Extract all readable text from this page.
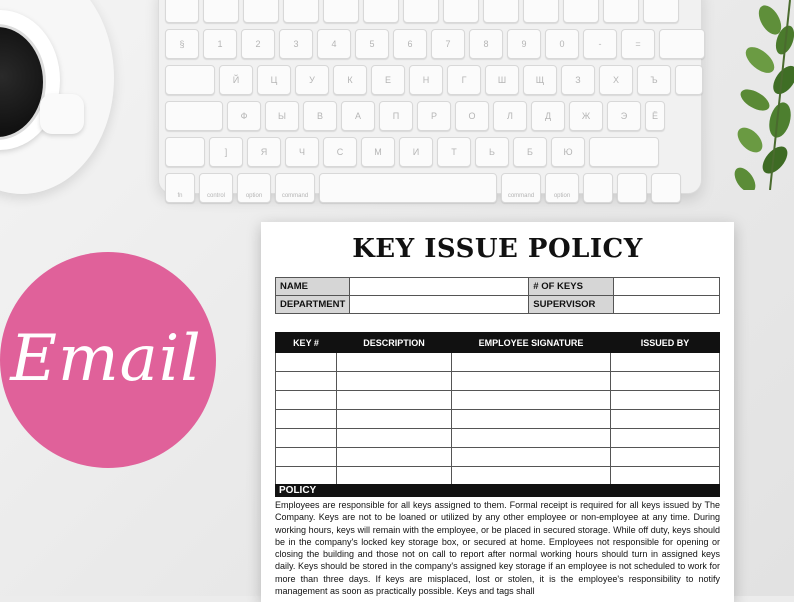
§	1	2	3	4	5	6	7	8	9	0	-	=
Й	Ц	У	К	Е	Н	Г	Ш	Щ	З	Х	Ъ
Ф	Ы	В	А	П	Р	О	Л	Д	Ж	Э	Ё
]	Я	Ч	С	М	И	Т	Ь	Б	Ю
fn	control	option	command	command	option
Email
KEY ISSUE POLICY
NAME		# OF KEYS	
DEPARTMENT		SUPERVISOR	
KEY #	DESCRIPTION	EMPLOYEE SIGNATURE	ISSUED BY

POLICY
Employees are responsible for all keys assigned to them. Formal receipt is required for all keys issued by The Company. Keys are not to be loaned or utilized by any other employee or non-employee at any time. During working hours, keys will remain with the employee, or be placed in secured storage. While off duty, keys should be in the company's locked key storage box, or secured at home. Employees not responsible for opening or closing the building and those not on call to report after normal working hours should turn in assigned keys daily. Keys should be stored in the company's assigned key storage if an employee is not scheduled to work for more than three days. If keys are misplaced, lost or stolen, it is the employee's responsibility to notify management as soon as practically possible. Keys and tags shall
